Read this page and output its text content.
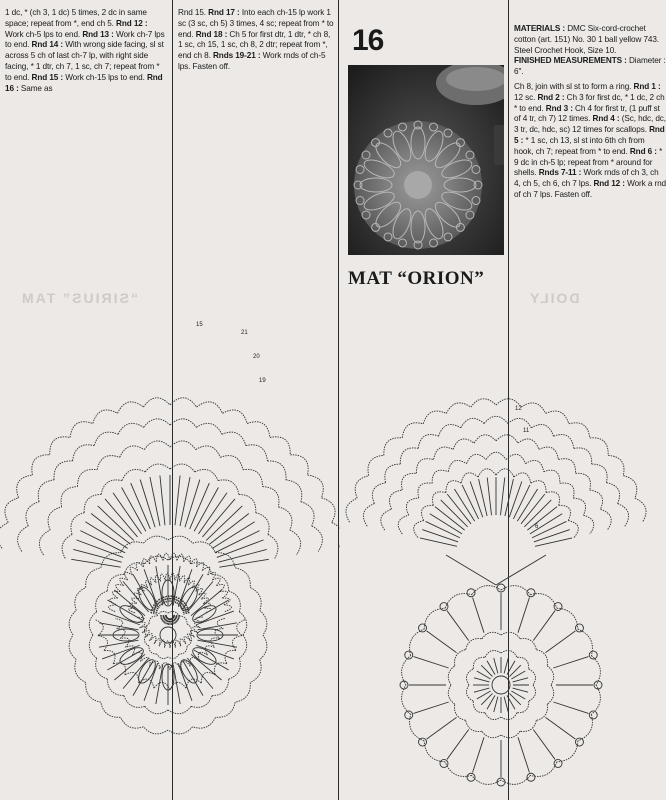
1 dc, * (ch 3, 1 dc) 5 times, 2 dc in same space; repeat from *, end ch 5. Rnd 12 : Work ch-5 lps to end. Rnd 13 : Work ch-7 lps to end. Rnd 14 : With wrong side facing, sl st across 5 ch of last ch-7 lp, with right side facing, * 1 dtr, ch 7, 1 sc, ch 7; repeat from * to end. Rnd 15 : Work ch-15 lps to end. Rnd 16 : Same as

Rnd 15. Rnd 17 : Into each ch-15 lp work 1 sc (3 sc, ch 5) 3 times, 4 sc; repeat from * to end. Rnd 18 : Ch 5 for first dtr, 1 dtr, * ch 8, 1 sc, ch 15, 1 sc, ch 8, 2 dtr; repeat from *, end ch 8. Rnds 19-21 : Work rnds of ch-5 lps. Fasten off.

16
MAT “ORION”

MATERIALS : DMC Six-cord-crochet cotton (art. 151) No. 30 1 ball yellow 743. Steel Crochet Hook, Size 10.

FINISHED MEASUREMENTS : Diameter : 6".

Ch 8, join with sl st to form a ring. Rnd 1 : 12 sc. Rnd 2 : Ch 3 for first dc, * 1 dc, 2 ch * to end. Rnd 3 : Ch 4 for first tr, (1 puff st of 4 tr, ch 7) 12 times. Rnd 4 : (Sc, hdc, dc, 3 tr, dc, hdc, sc) 12 times for scallops. Rnd 5 : * 1 sc, ch 13, sl st into 6th ch from hook, ch 7; repeat from * to end. Rnd 6 : * 9 dc in ch-5 lp; repeat from * around for shells. Rnds 7-11 : Work rnds of ch 3, ch 4, ch 5, ch 6, ch 7 lps. Rnd 12 : Work a rnd of ch 7 lps. Fasten off.

“SIRIUS” TAM	DOILY
15
21
20
19
12
11
6
